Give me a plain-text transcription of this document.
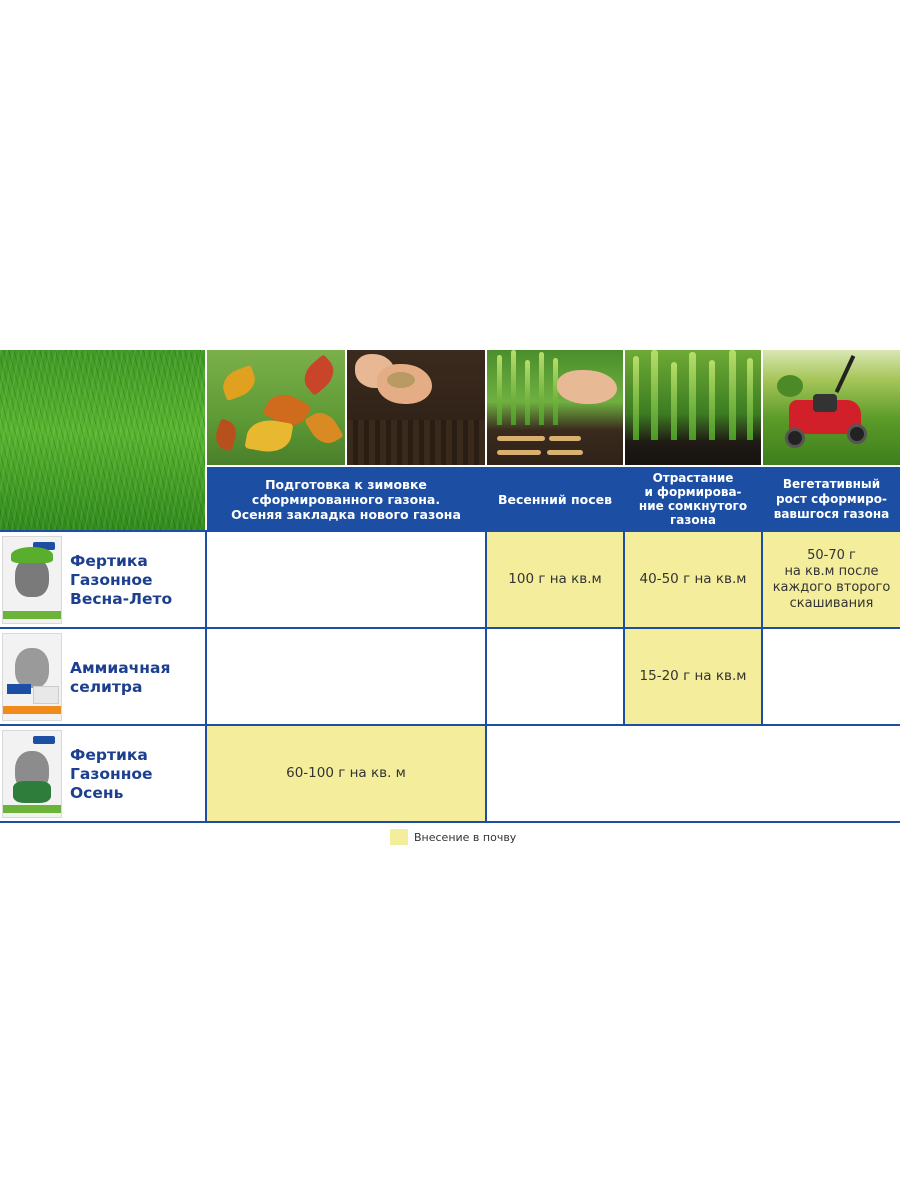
Подготовка к зимовке
сформированного газона.
Осеняя закладка нового газона
Весенний посев
Отрастание
и формирова-
ние сомкнутого
газона
Вегетативный
рост сформиро-
вавшгося газона
Фертика
Газонное
Весна-Лето
100 г на кв.м	40-50 г на кв.м
50-70 г
на кв.м после
каждого второго
скашивания
Аммиачная
селитра
15-20 г на кв.м
Фертика
Газонное
Осень
60-100 г на кв. м
Внесение в почву
